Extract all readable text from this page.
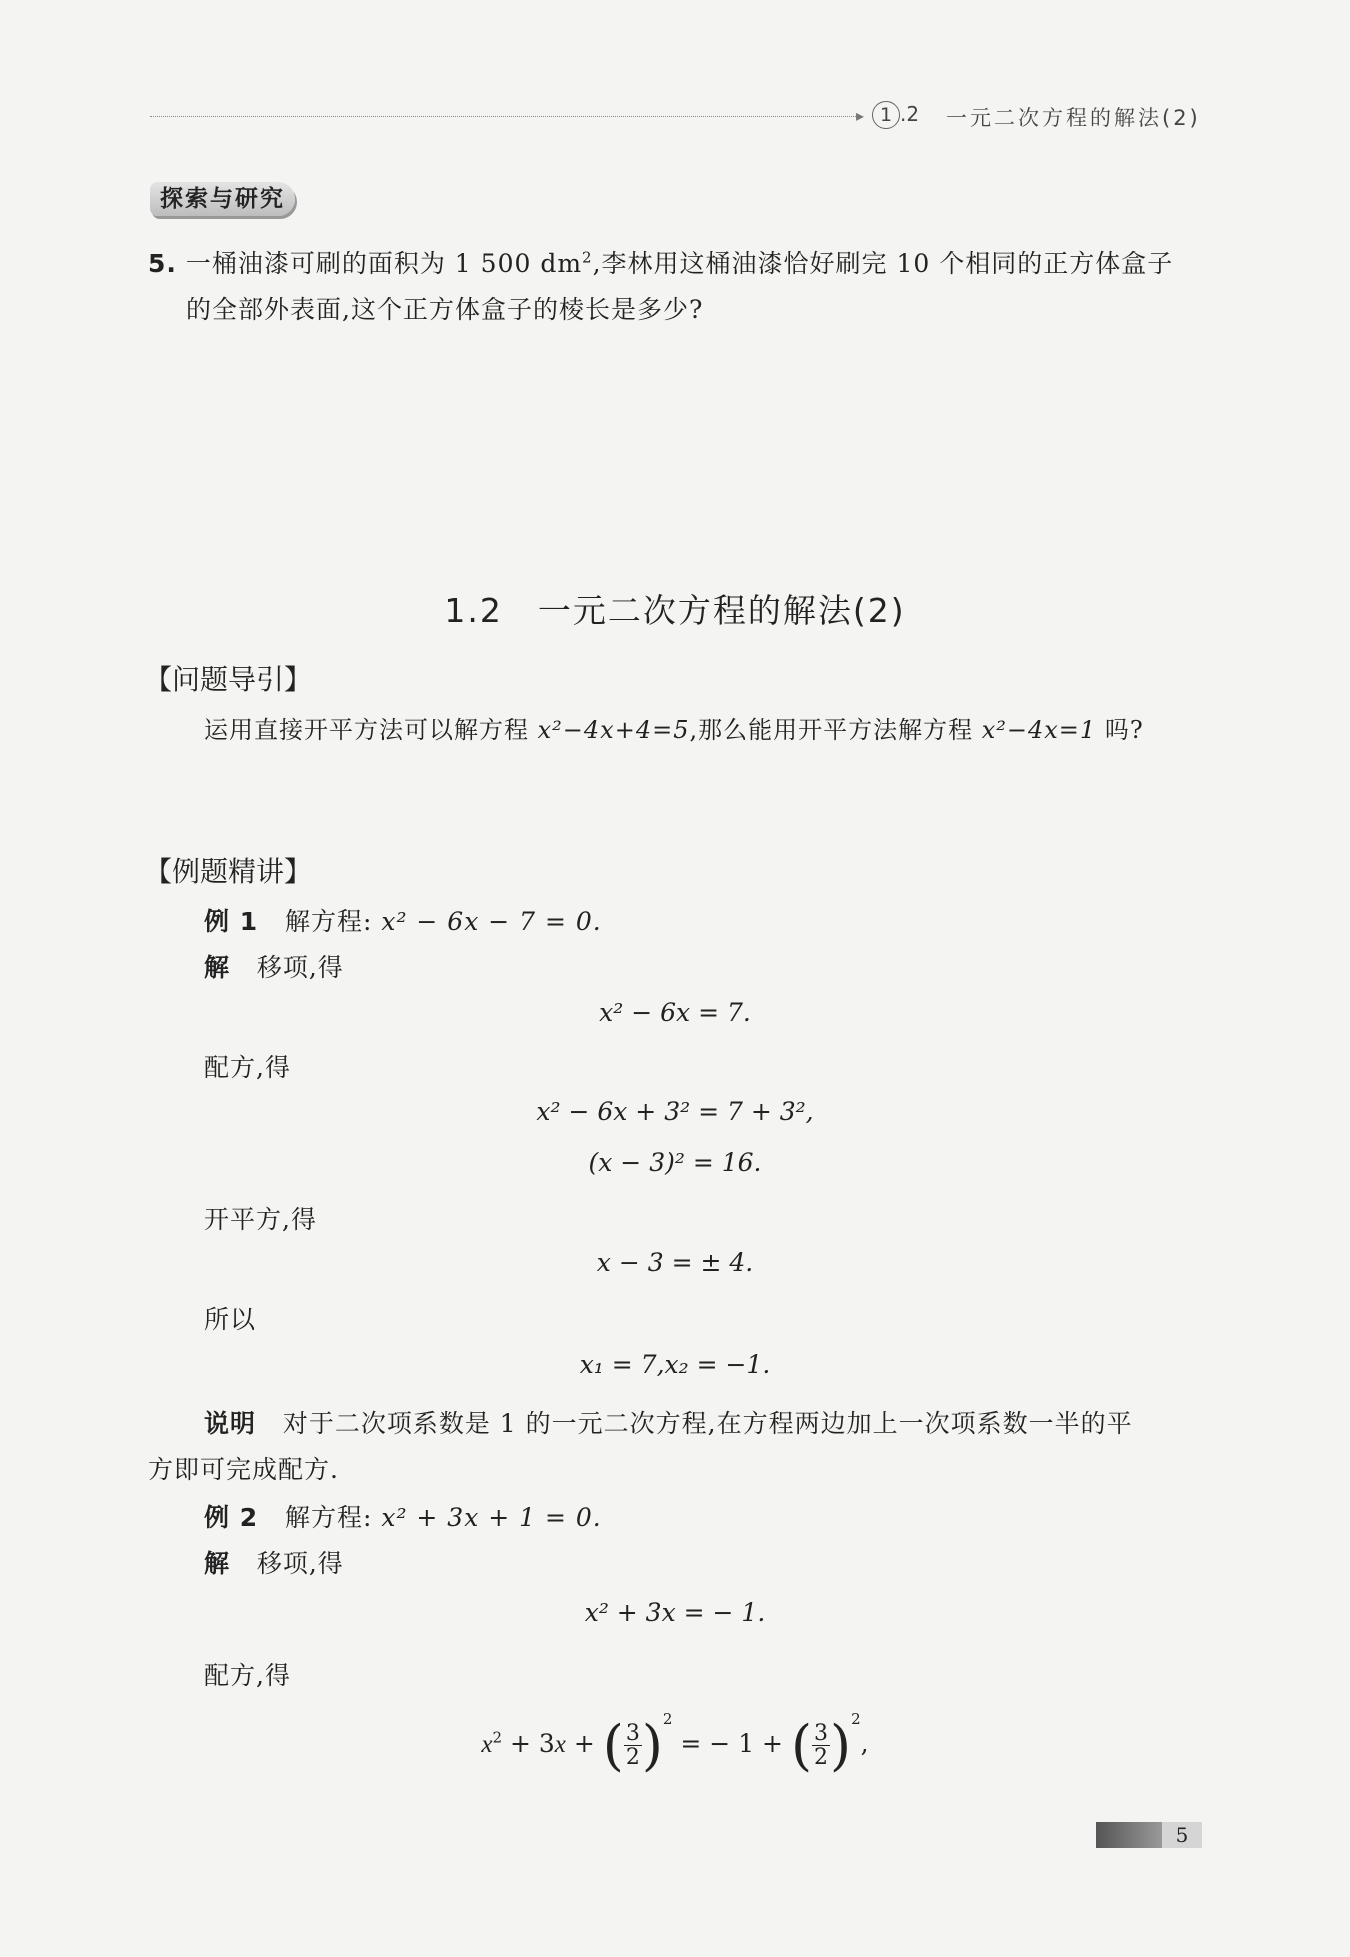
▸ 1 .2 一元二次方程的解法(2)
探索与研究
5. 一桶油漆可刷的面积为 1 500 $dm^2$,李林用这桶油漆恰好刷完 10 个相同的正方体盒子
的全部外表面,这个正方体盒子的棱长是多少?
1.2　一元二次方程的解法(2)
【问题导引】
运用直接开平方法可以解方程 x²−4x+4=5,那么能用开平方法解方程 x²−4x=1 吗?
【例题精讲】
例 1 解方程: x² − 6x − 7 = 0.
解 移项,得
x² − 6x = 7.
配方,得
x² − 6x + 3² = 7 + 3²,
(x − 3)² = 16.
开平方,得
x − 3 = ± 4.
所以
x₁ = 7,x₂ = −1.
说明 对于二次项系数是 1 的一元二次方程,在方程两边加上一次项系数一半的平
方即可完成配方.
例 2 解方程: x² + 3x + 1 = 0.
解 移项,得
x² + 3x = − 1.
配方,得
$x^2 + 3x$ + ( $\frac{3}{2} )^2$ = − 1 + ( $\frac{3}{2} )^2$,
5
